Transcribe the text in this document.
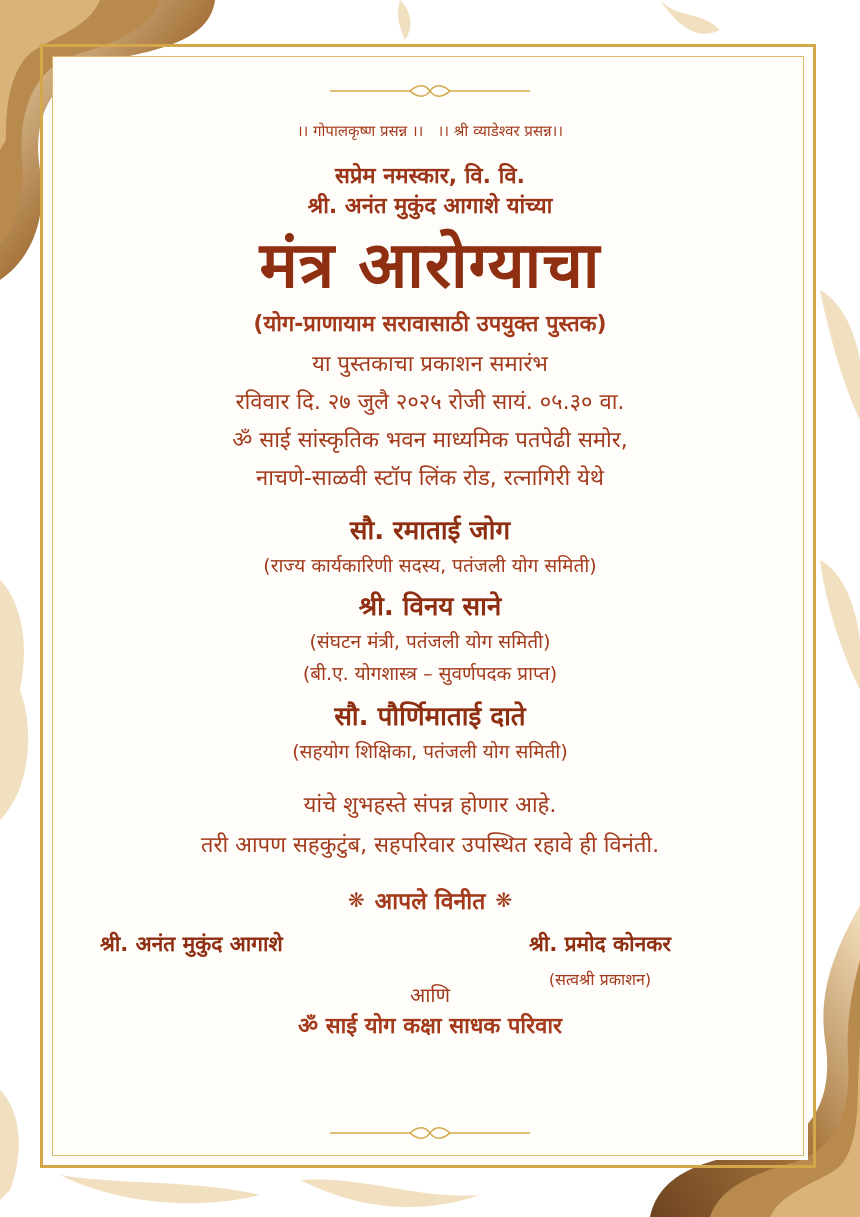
।। गोपालकृष्ण प्रसन्न ।। ।। श्री व्याडेश्वर प्रसन्न।।

सप्रेम नमस्कार, वि. वि.

श्री. अनंत मुकुंद आगाशे यांच्या

मंत्र आरोग्याचा

(योग-प्राणायाम सरावासाठी उपयुक्त पुस्तक)

या पुस्तकाचा प्रकाशन समारंभ

रविवार दि. २७ जुलै २०२५ रोजी सायं. ०५.३० वा.

ॐ साई सांस्कृतिक भवन माध्यमिक पतपेढी समोर,

नाचणे-साळवी स्टॉप लिंक रोड, रत्नागिरी येथे

सौ. रमाताई जोग

(राज्य कार्यकारिणी सदस्य, पतंजली योग समिती)

श्री. विनय साने

(संघटन मंत्री, पतंजली योग समिती)

(बी.ए. योगशास्त्र – सुवर्णपदक प्राप्त)

सौ. पौर्णिमाताई दाते

(सहयोग शिक्षिका, पतंजली योग समिती)

यांचे शुभहस्ते संपन्न होणार आहे.

तरी आपण सहकुटुंब, सहपरिवार उपस्थित रहावे ही विनंती.

❋ आपले विनीत ❋

श्री. अनंत मुकुंद आगाशे	श्री. प्रमोद कोनकर
(सत्वश्री प्रकाशन)

आणि

ॐ साई योग कक्षा साधक परिवार
